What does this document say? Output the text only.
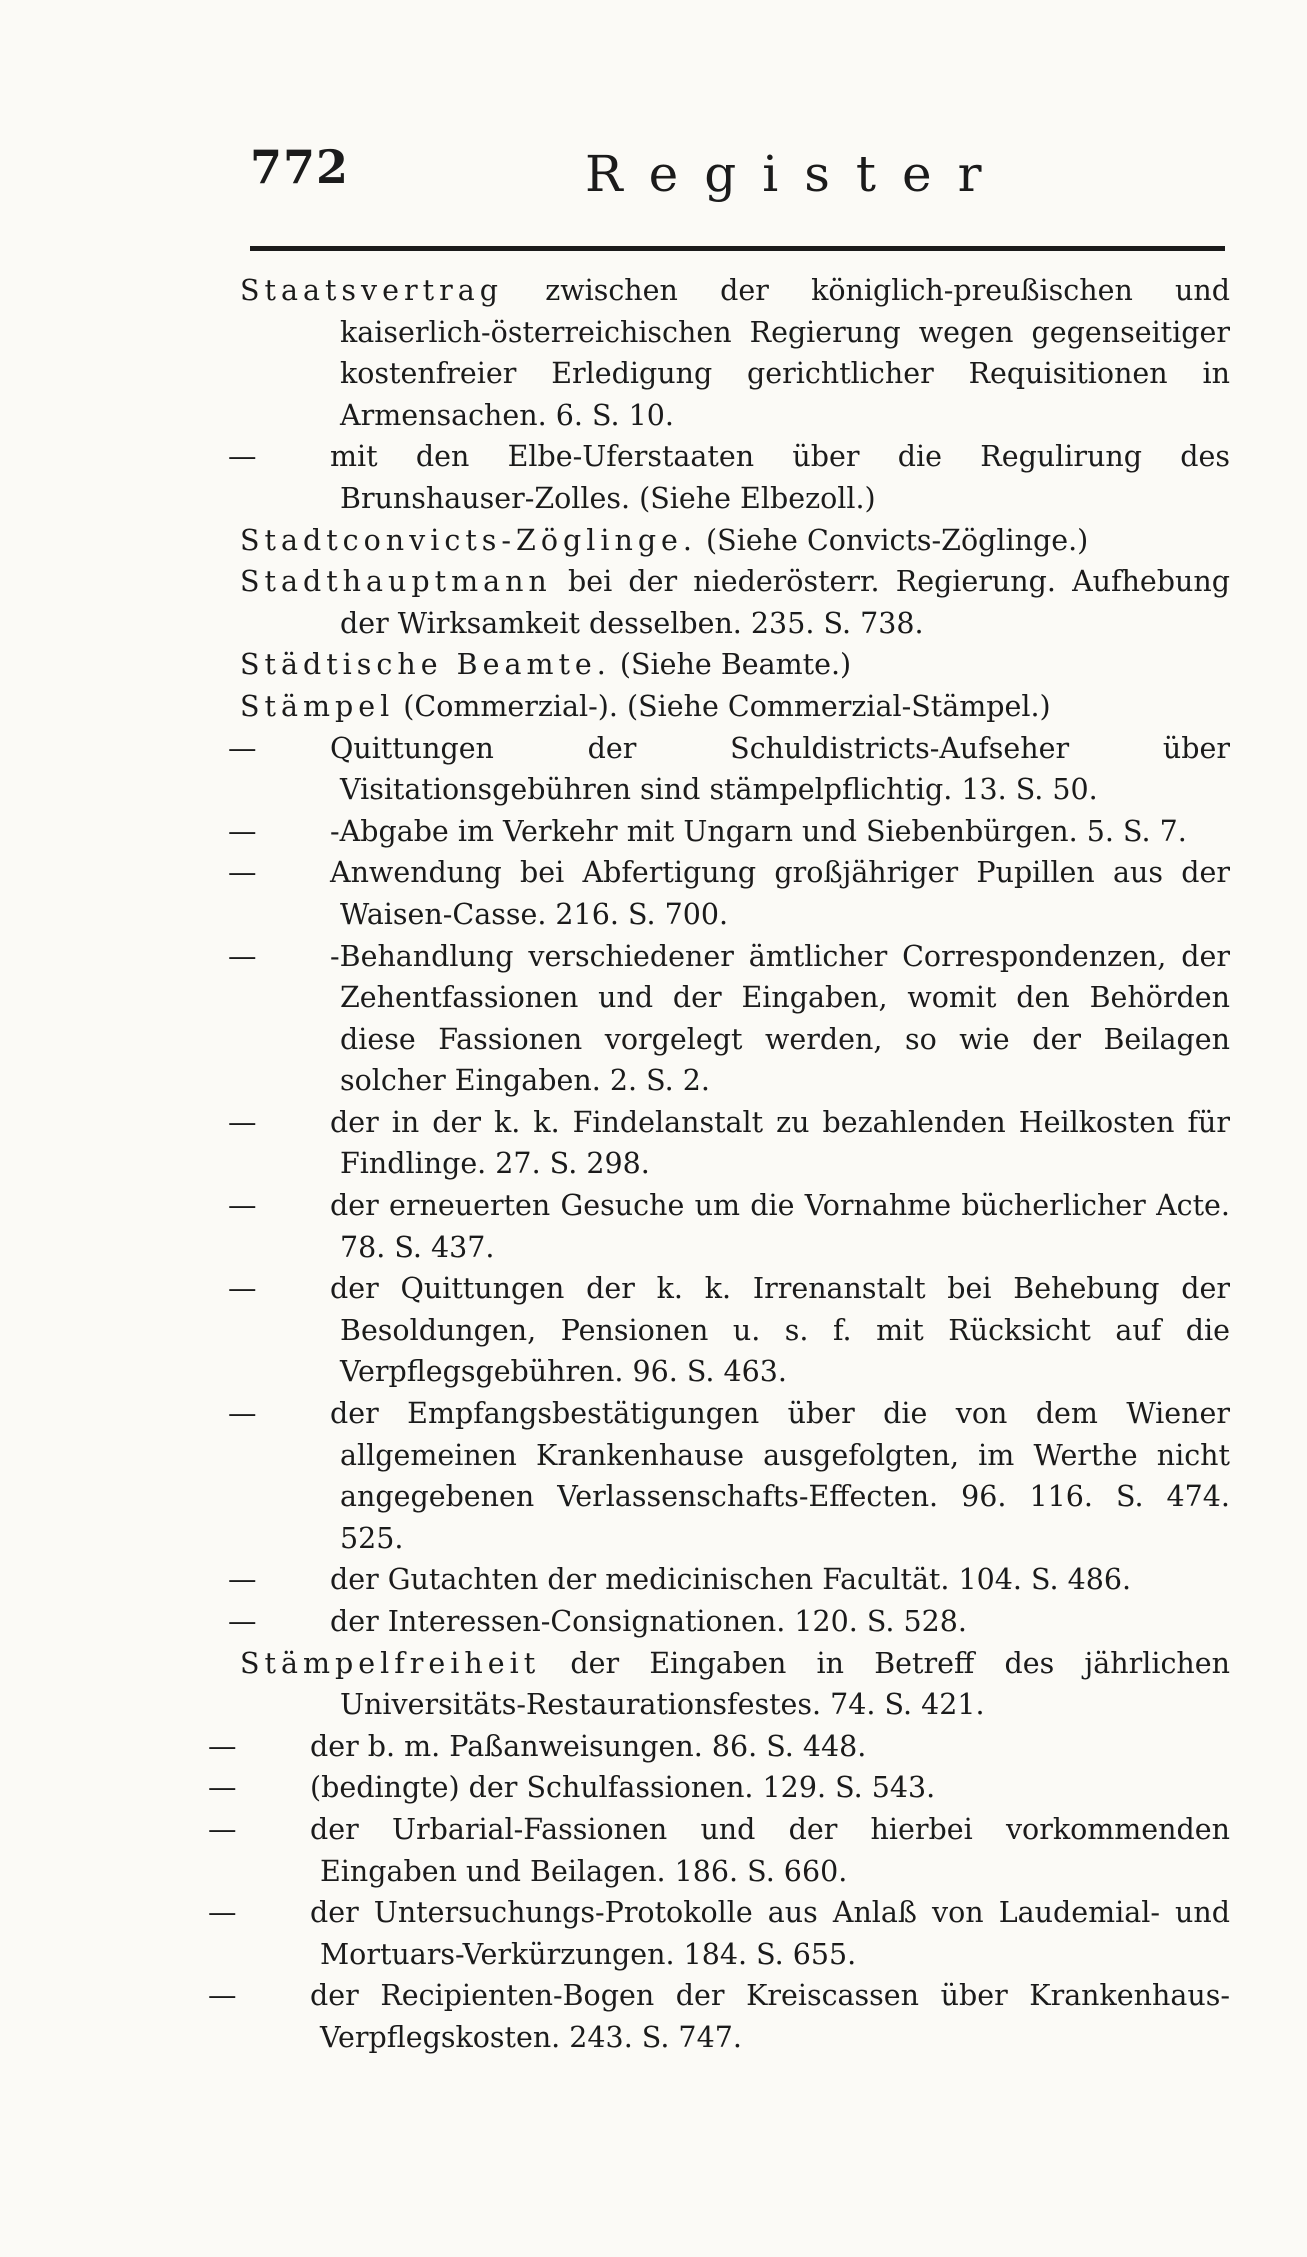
772	Register

Staatsvertrag zwischen der königlich-preußischen und kaiserlich-österreichischen Regierung wegen gegenseitiger kostenfreier Erledigung gerichtlicher Requisitionen in Armensachen. 6. S. 10.

—	mit den Elbe-Uferstaaten über die Regulirung des Brunshauser-Zolles. (Siehe Elbezoll.)

Stadtconvicts-Zöglinge. (Siehe Convicts-Zöglinge.)

Stadthauptmann bei der niederösterr. Regierung. Aufhebung der Wirksamkeit desselben. 235. S. 738.

Städtische Beamte. (Siehe Beamte.)

Stämpel (Commerzial-). (Siehe Commerzial-Stämpel.)

—	Quittungen der Schuldistricts-Aufseher über Visitationsgebühren sind stämpelpflichtig. 13. S. 50.

—	-Abgabe im Verkehr mit Ungarn und Siebenbürgen. 5. S. 7.

—	Anwendung bei Abfertigung großjähriger Pupillen aus der Waisen-Casse. 216. S. 700.

—	-Behandlung verschiedener ämtlicher Correspondenzen, der Zehentfassionen und der Eingaben, womit den Behörden diese Fassionen vorgelegt werden, so wie der Beilagen solcher Eingaben. 2. S. 2.

—	der in der k. k. Findelanstalt zu bezahlenden Heilkosten für Findlinge. 27. S. 298.

—	der erneuerten Gesuche um die Vornahme bücherlicher Acte. 78. S. 437.

—	der Quittungen der k. k. Irrenanstalt bei Behebung der Besoldungen, Pensionen u. s. f. mit Rücksicht auf die Verpflegsgebühren. 96. S. 463.

—	der Empfangsbestätigungen über die von dem Wiener allgemeinen Krankenhause ausgefolgten, im Werthe nicht angegebenen Verlassenschafts-Effecten. 96. 116. S. 474. 525.

—	der Gutachten der medicinischen Facultät. 104. S. 486.

—	der Interessen-Consignationen. 120. S. 528.

Stämpelfreiheit der Eingaben in Betreff des jährlichen Universitäts-Restaurationsfestes. 74. S. 421.

—	der b. m. Paßanweisungen. 86. S. 448.

—	(bedingte) der Schulfassionen. 129. S. 543.

—	der Urbarial-Fassionen und der hierbei vorkommenden Eingaben und Beilagen. 186. S. 660.

—	der Untersuchungs-Protokolle aus Anlaß von Laudemial- und Mortuars-Verkürzungen. 184. S. 655.

—	der Recipienten-Bogen der Kreiscassen über Krankenhaus-Verpflegskosten. 243. S. 747.
